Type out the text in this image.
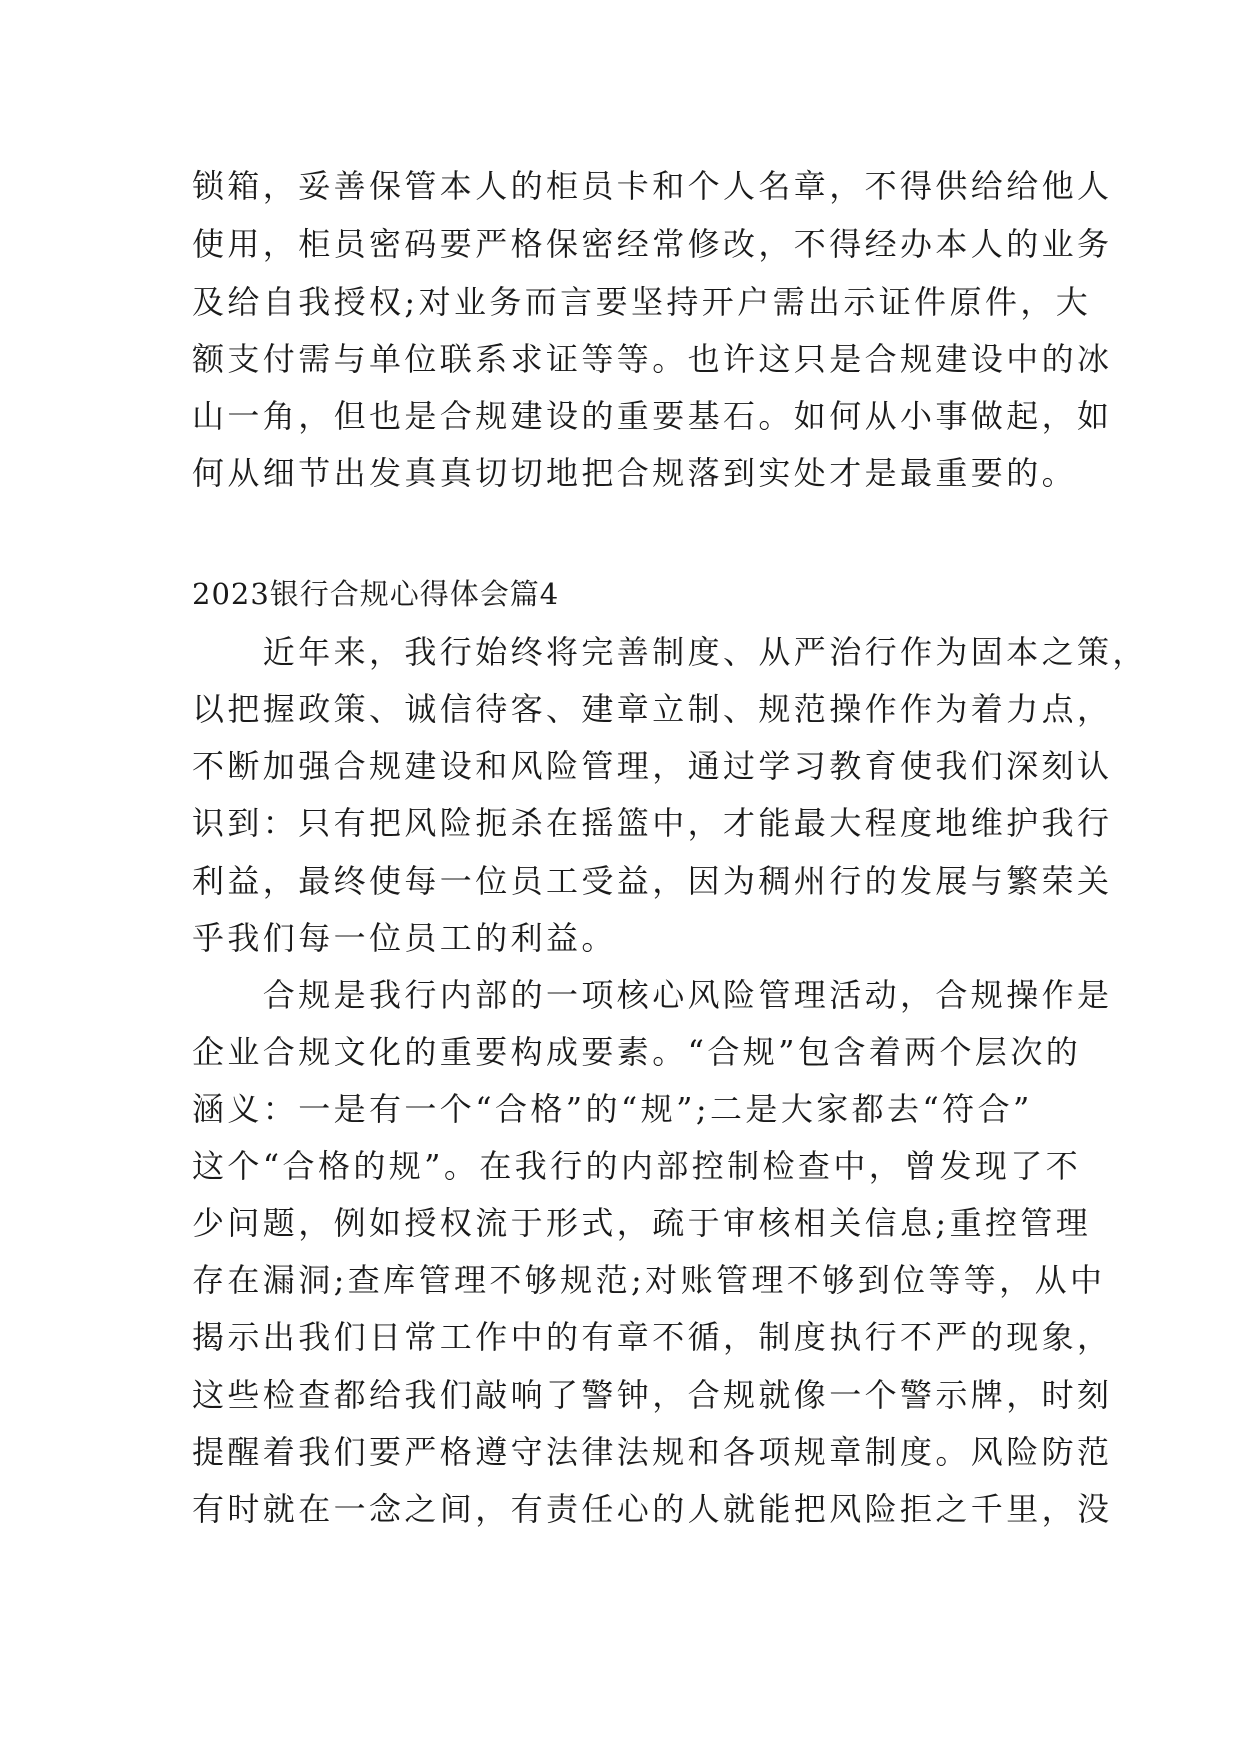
锁箱，妥善保管本人的柜员卡和个人名章，不得供给给他人
使用，柜员密码要严格保密经常修改，不得经办本人的业务
及给自我授权;对业务而言要坚持开户需出示证件原件，大
额支付需与单位联系求证等等。也许这只是合规建设中的冰
山一角，但也是合规建设的重要基石。如何从小事做起，如
何从细节出发真真切切地把合规落到实处才是最重要的。
2023银行合规心得体会篇4
　　近年来，我行始终将完善制度、从严治行作为固本之策，
以把握政策、诚信待客、建章立制、规范操作作为着力点，
不断加强合规建设和风险管理，通过学习教育使我们深刻认
识到：只有把风险扼杀在摇篮中，才能最大程度地维护我行
利益，最终使每一位员工受益，因为稠州行的发展与繁荣关
乎我们每一位员工的利益。
　　合规是我行内部的一项核心风险管理活动，合规操作是
企业合规文化的重要构成要素。“合规”包含着两个层次的
涵义：一是有一个“合格”的“规”;二是大家都去“符合”
这个“合格的规”。在我行的内部控制检查中，曾发现了不
少问题，例如授权流于形式，疏于审核相关信息;重控管理
存在漏洞;查库管理不够规范;对账管理不够到位等等，从中
揭示出我们日常工作中的有章不循，制度执行不严的现象，
这些检查都给我们敲响了警钟，合规就像一个警示牌，时刻
提醒着我们要严格遵守法律法规和各项规章制度。风险防范
有时就在一念之间，有责任心的人就能把风险拒之千里，没
